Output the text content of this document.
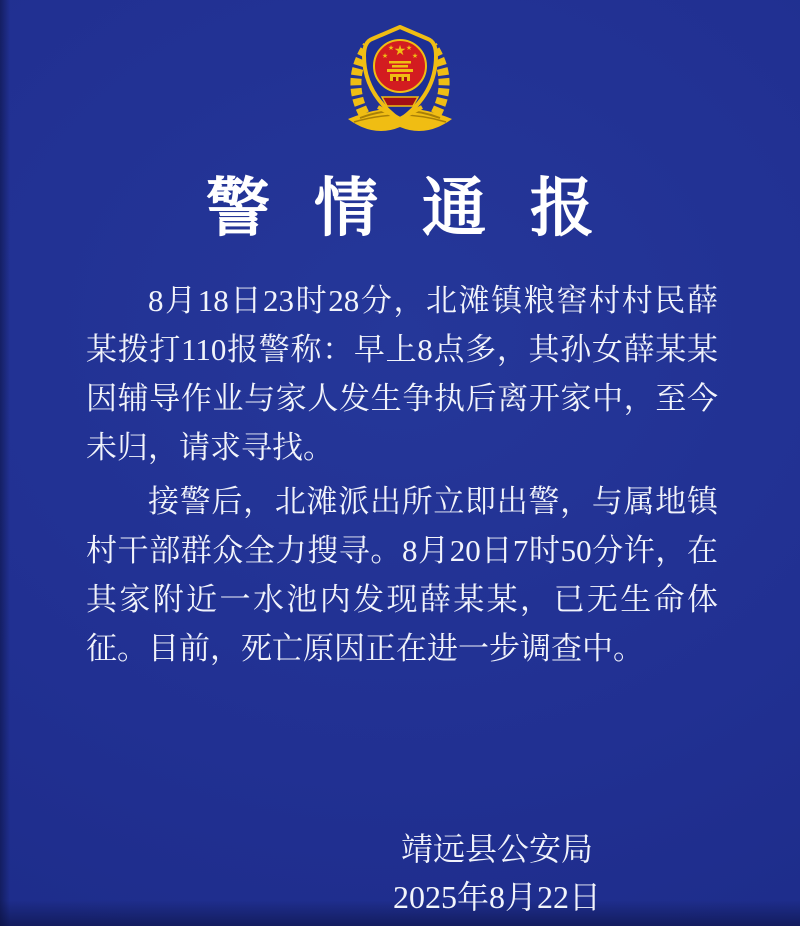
★
★
★ ★
★
警情通报

8月18日23时28分，北滩镇粮窖村村民薛某拨打110报警称：早上8点多，其孙女薛某某因辅导作业与家人发生争执后离开家中，至今未归，请求寻找。

接警后，北滩派出所立即出警，与属地镇村干部群众全力搜寻。8月20日7时50分许，在其家附近一水池内发现薛某某，已无生命体征。目前，死亡原因正在进一步调查中。

靖远县公安局
2025年8月22日
